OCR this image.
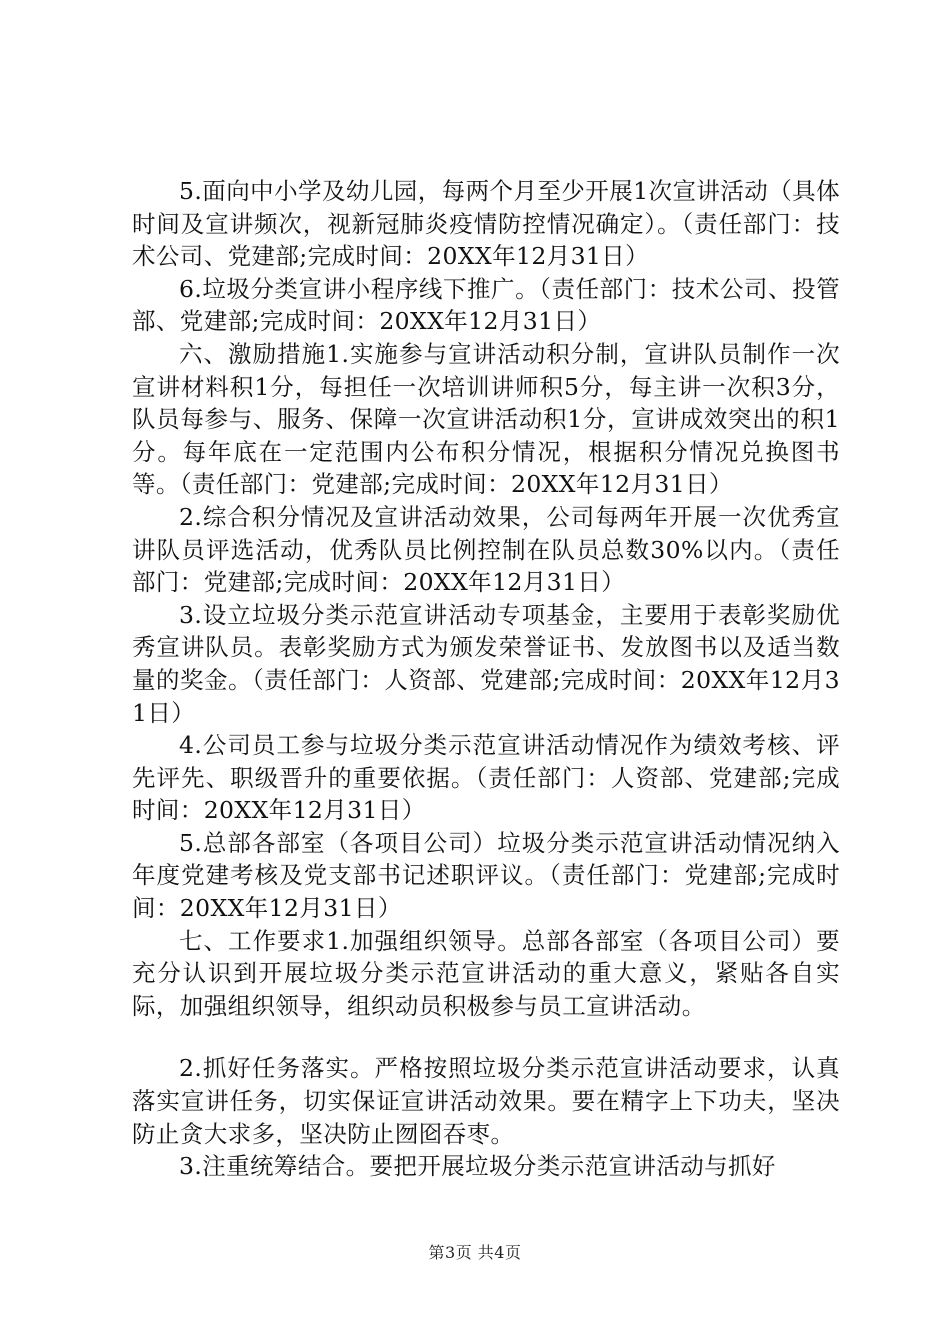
5.面向中小学及幼儿园，每两个月至少开展1次宣讲活动（具体时间及宣讲频次，视新冠肺炎疫情防控情况确定）。（责任部门：技术公司、党建部;完成时间：20XX年12月31日）

6.垃圾分类宣讲小程序线下推广。（责任部门：技术公司、投管部、党建部;完成时间：20XX年12月31日）

六、激励措施1.实施参与宣讲活动积分制，宣讲队员制作一次宣讲材料积1分，每担任一次培训讲师积5分，每主讲一次积3分，队员每参与、服务、保障一次宣讲活动积1分，宣讲成效突出的积1分。每年底在一定范围内公布积分情况，根据积分情况兑换图书等。（责任部门：党建部;完成时间：20XX年12月31日）

2.综合积分情况及宣讲活动效果，公司每两年开展一次优秀宣讲队员评选活动，优秀队员比例控制在队员总数30%以内。（责任部门：党建部;完成时间：20XX年12月31日）

3.设立垃圾分类示范宣讲活动专项基金，主要用于表彰奖励优秀宣讲队员。表彰奖励方式为颁发荣誉证书、发放图书以及适当数量的奖金。（责任部门：人资部、党建部;完成时间：20XX年12月31日）

4.公司员工参与垃圾分类示范宣讲活动情况作为绩效考核、评先评先、职级晋升的重要依据。（责任部门：人资部、党建部;完成时间：20XX年12月31日）

5.总部各部室（各项目公司）垃圾分类示范宣讲活动情况纳入年度党建考核及党支部书记述职评议。（责任部门：党建部;完成时间：20XX年12月31日）

七、工作要求1.加强组织领导。总部各部室（各项目公司）要充分认识到开展垃圾分类示范宣讲活动的重大意义，紧贴各自实际，加强组织领导，组织动员积极参与员工宣讲活动。

2.抓好任务落实。严格按照垃圾分类示范宣讲活动要求，认真落实宣讲任务，切实保证宣讲活动效果。要在精字上下功夫，坚决防止贪大求多，坚决防止囫囵吞枣。

3.注重统筹结合。要把开展垃圾分类示范宣讲活动与抓好

第3页 共4页
